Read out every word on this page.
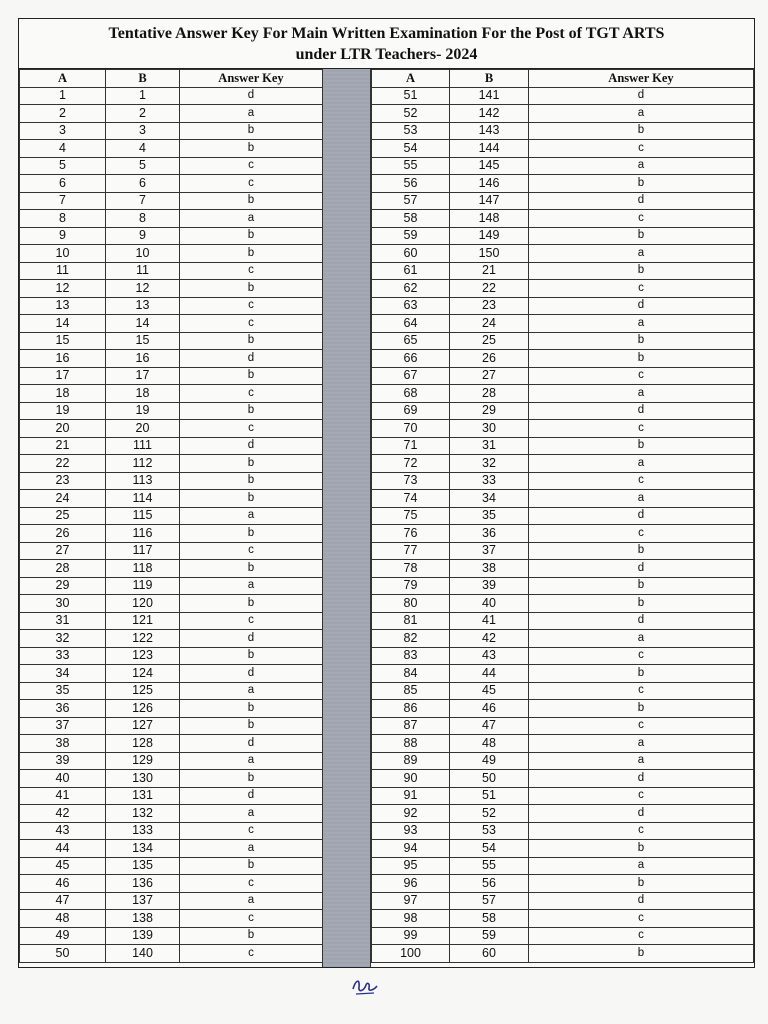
Tentative Answer Key For Main Written Examination For the Post of TGT ARTS
under LTR Teachers- 2024
A	B	Answer Key
1	1	d
2	2	a
3	3	b
4	4	b
5	5	c
6	6	c
7	7	b
8	8	a
9	9	b
10	10	b
11	11	c
12	12	b
13	13	c
14	14	c
15	15	b
16	16	d
17	17	b
18	18	c
19	19	b
20	20	c
21	111	d
22	112	b
23	113	b
24	114	b
25	115	a
26	116	b
27	117	c
28	118	b
29	119	a
30	120	b
31	121	c
32	122	d
33	123	b
34	124	d
35	125	a
36	126	b
37	127	b
38	128	d
39	129	a
40	130	b
41	131	d
42	132	a
43	133	c
44	134	a
45	135	b
46	136	c
47	137	a
48	138	c
49	139	b
50	140	c
A	B	Answer Key
51	141	d
52	142	a
53	143	b
54	144	c
55	145	a
56	146	b
57	147	d
58	148	c
59	149	b
60	150	a
61	21	b
62	22	c
63	23	d
64	24	a
65	25	b
66	26	b
67	27	c
68	28	a
69	29	d
70	30	c
71	31	b
72	32	a
73	33	c
74	34	a
75	35	d
76	36	c
77	37	b
78	38	d
79	39	b
80	40	b
81	41	d
82	42	a
83	43	c
84	44	b
85	45	c
86	46	b
87	47	c
88	48	a
89	49	a
90	50	d
91	51	c
92	52	d
93	53	c
94	54	b
95	55	a
96	56	b
97	57	d
98	58	c
99	59	c
100	60	b
